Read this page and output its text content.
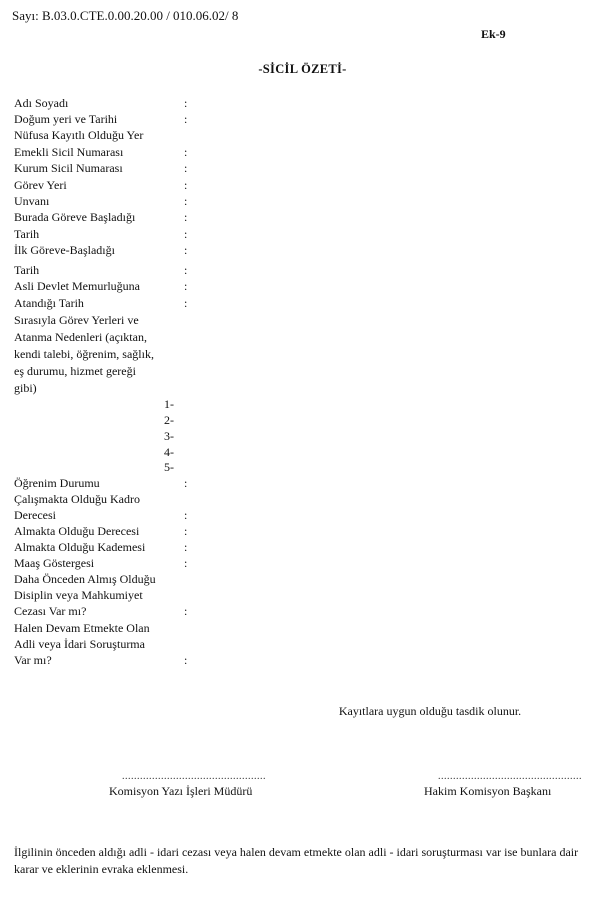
Sayı: B.03.0.CTE.0.00.20.00 / 010.06.02/ 8
Ek-9
-SİCİL ÖZETİ-
Adı Soyadı
Doğum yeri ve Tarihi
Nüfusa Kayıtlı Olduğu Yer
Emekli Sicil Numarası
Kurum Sicil Numarası
Görev Yeri
Unvanı
Burada Göreve Başladığı
Tarih
İlk Göreve-Başladığı
Tarih
Asli Devlet Memurluğuna
Atandığı Tarih
Sırasıyla Görev Yerleri ve
Atanma Nedenleri (açıktan,
kendi talebi, öğrenim, sağlık,
eş durumu, hizmet gereği
gibi)
1-
2-
3-
4-
5-
Öğrenim Durumu
Çalışmakta Olduğu Kadro
Derecesi
Almakta Olduğu Derecesi
Almakta Olduğu Kademesi
Maaş Göstergesi
Daha Önceden Almış Olduğu
Disiplin veya Mahkumiyet
Cezası Var mı?
Halen Devam Etmekte Olan
Adli veya İdari Soruşturma
Var mı?
:
:
:
:
:
:
:
:
:
:
:
:
:
:
:
:
:
:
:
Kayıtlara uygun olduğu tasdik olunur.
................................................
Komisyon Yazı İşleri Müdürü
................................................
Hakim Komisyon Başkanı
İlgilinin önceden aldığı adli - idari cezası veya halen devam etmekte olan adli - idari soruşturması var ise bunlara dair karar ve eklerinin evraka eklenmesi.
